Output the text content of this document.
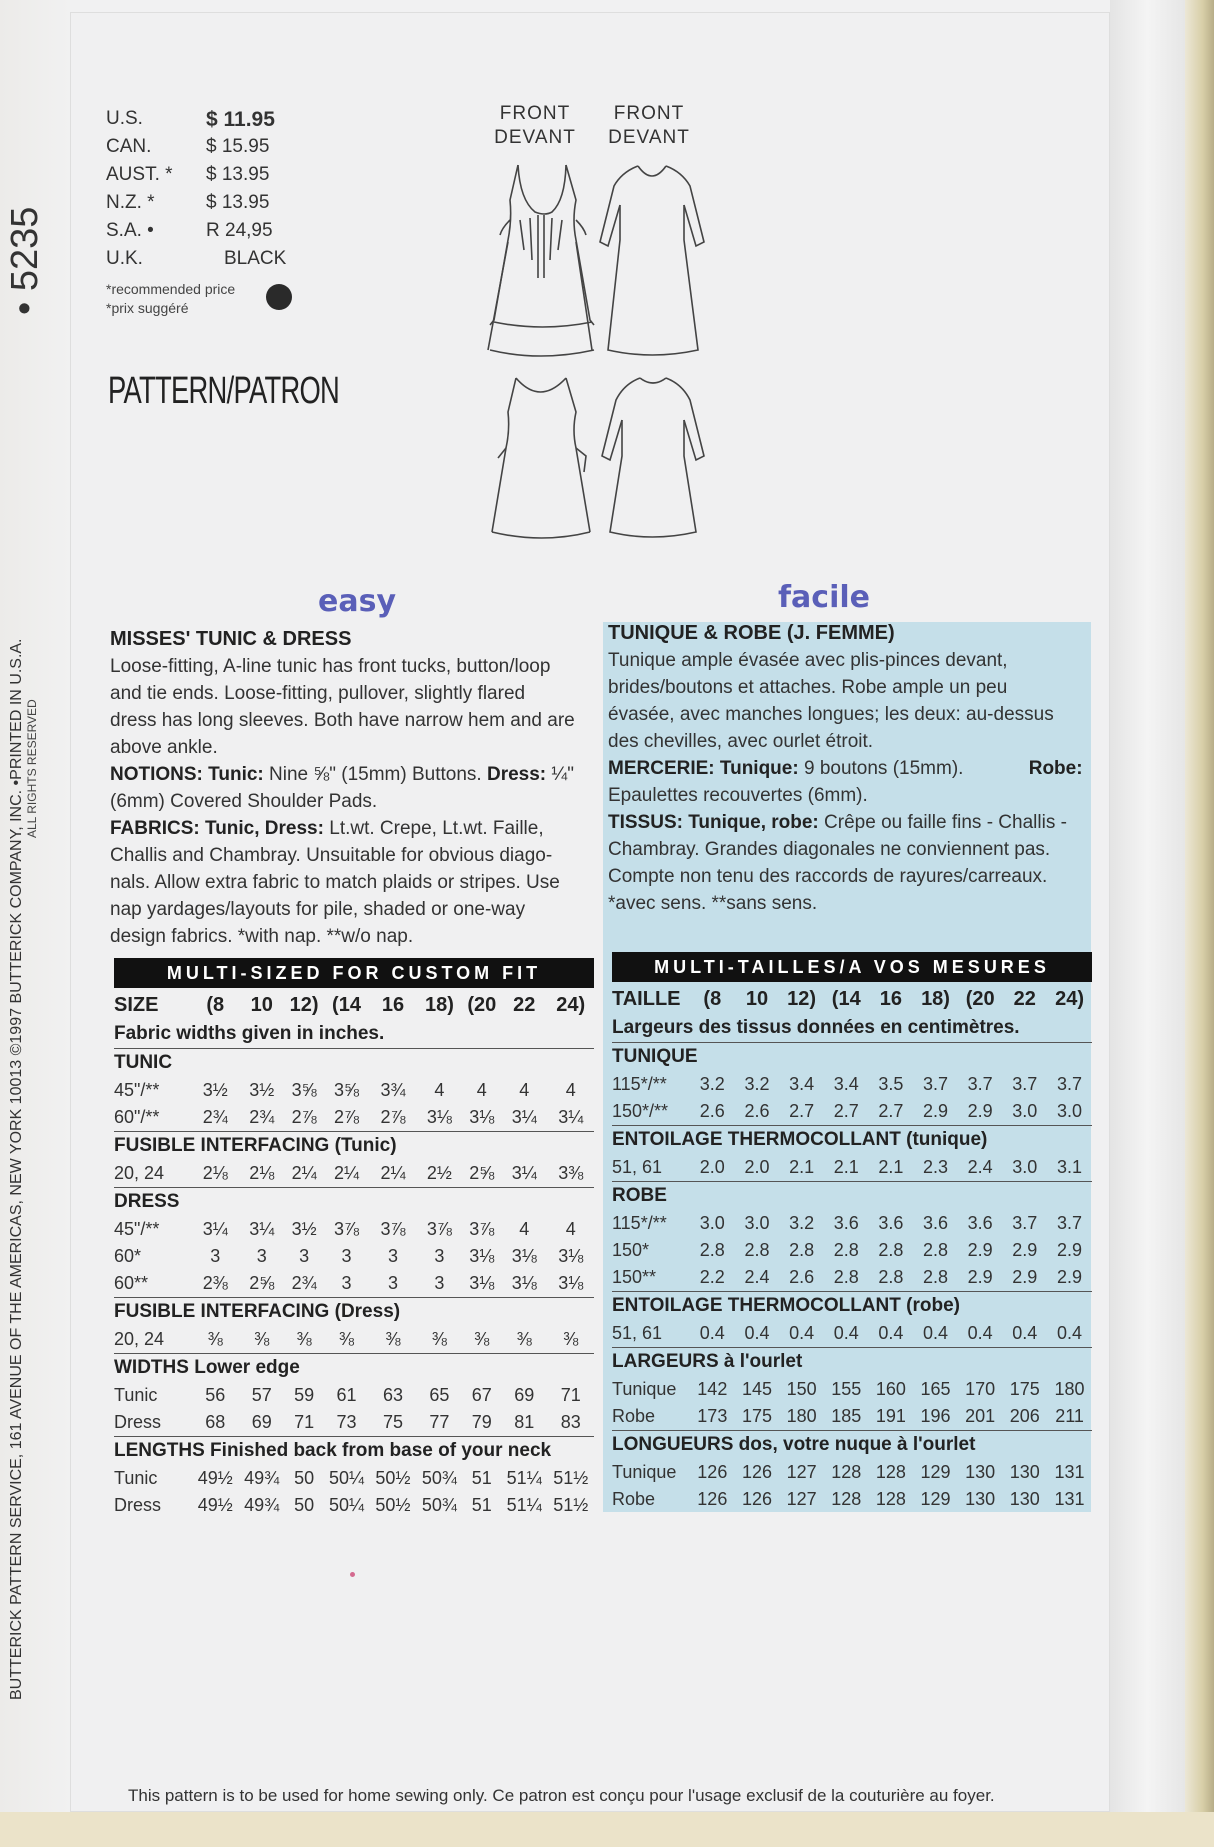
• 5235
BUTTERICK PATTERN SERVICE, 161 AVENUE OF THE AMERICAS, NEW YORK 10013 ©1997 BUTTERICK COMPANY, INC. •PRINTED IN U.S.A. ALL RIGHTS RESERVED
U.S.	$ 11.95
CAN.	$ 15.95
AUST. * $ 13.95
N.Z. *	$ 13.95
S.A. •	R 24,95
U.K.	BLACK
*recommended price
*prix suggéré
PATTERN/PATRON
FRONT
DEVANT
FRONT
DEVANT
easy	facile
MISSES' TUNIC & DRESS
Loose-fitting, A-line tunic has front tucks, button/loop
and tie ends. Loose-fitting, pullover, slightly flared
dress has long sleeves. Both have narrow hem and are
above ankle.
NOTIONS: Tunic: Nine ⅝" (15mm) Buttons. Dress: ¼"
(6mm) Covered Shoulder Pads.
FABRICS: Tunic, Dress: Lt.wt. Crepe, Lt.wt. Faille,
Challis and Chambray. Unsuitable for obvious diago-
nals. Allow extra fabric to match plaids or stripes. Use
nap yardages/layouts for pile, shaded or one-way
design fabrics. *with nap. **w/o nap.
TUNIQUE & ROBE (J. FEMME)
Tunique ample évasée avec plis-pinces devant,
brides/boutons et attaches. Robe ample un peu
évasée, avec manches longues; les deux: au-dessus
des chevilles, avec ourlet étroit.
MERCERIE: Tunique: 9 boutons (15mm).	Robe:
Epaulettes recouvertes (6mm).
TISSUS: Tunique, robe: Crêpe ou faille fins - Challis -
Chambray. Grandes diagonales ne conviennent pas.
Compte non tenu des raccords de rayures/carreaux.
*avec sens. **sans sens.
MULTI-SIZED FOR CUSTOM FIT	MULTI-TAILLES/A VOS MESURES
SIZE	(8	10	12)	(14	16	18)	(20	22	24)
Fabric widths given in inches.									
TUNIC									
45"/**	3½	3½	3⅝	3⅝	3¾	4	4	4	4
60"/**	2¾	2¾	2⅞	2⅞	2⅞	3⅛	3⅛	3¼	3¼
FUSIBLE INTERFACING (Tunic)									
20, 24	2⅛	2⅛	2¼	2¼	2¼	2½	2⅝	3¼	3⅜
DRESS									
45"/**	3¼	3¼	3½	3⅞	3⅞	3⅞	3⅞	4	4
60*	3	3	3	3	3	3	3⅛	3⅛	3⅛
60**	2⅜	2⅝	2¾	3	3	3	3⅛	3⅛	3⅛
FUSIBLE INTERFACING (Dress)									
20, 24	⅜	⅜	⅜	⅜	⅜	⅜	⅜	⅜	⅜
WIDTHS Lower edge									
Tunic	56	57	59	61	63	65	67	69	71
Dress	68	69	71	73	75	77	79	81	83
LENGTHS Finished back from base of your neck									
Tunic	49½	49¾	50	50¼	50½	50¾	51	51¼	51½
Dress	49½	49¾	50	50¼	50½	50¾	51	51¼	51½
TAILLE	(8	10	12)	(14	16	18)	(20	22	24)
Largeurs des tissus données en centimètres.									
TUNIQUE									
115*/**	3.2	3.2	3.4	3.4	3.5	3.7	3.7	3.7	3.7
150*/**	2.6	2.6	2.7	2.7	2.7	2.9	2.9	3.0	3.0
ENTOILAGE THERMOCOLLANT (tunique)									
51, 61	2.0	2.0	2.1	2.1	2.1	2.3	2.4	3.0	3.1
ROBE									
115*/**	3.0	3.0	3.2	3.6	3.6	3.6	3.6	3.7	3.7
150*	2.8	2.8	2.8	2.8	2.8	2.8	2.9	2.9	2.9
150**	2.2	2.4	2.6	2.8	2.8	2.8	2.9	2.9	2.9
ENTOILAGE THERMOCOLLANT (robe)									
51, 61	0.4	0.4	0.4	0.4	0.4	0.4	0.4	0.4	0.4
LARGEURS à l'ourlet									
Tunique	142	145	150	155	160	165	170	175	180
Robe	173	175	180	185	191	196	201	206	211
LONGUEURS dos, votre nuque à l'ourlet									
Tunique	126	126	127	128	128	129	130	130	131
Robe	126	126	127	128	128	129	130	130	131
This pattern is to be used for home sewing only. Ce patron est conçu pour l'usage exclusif de la couturière au foyer.
